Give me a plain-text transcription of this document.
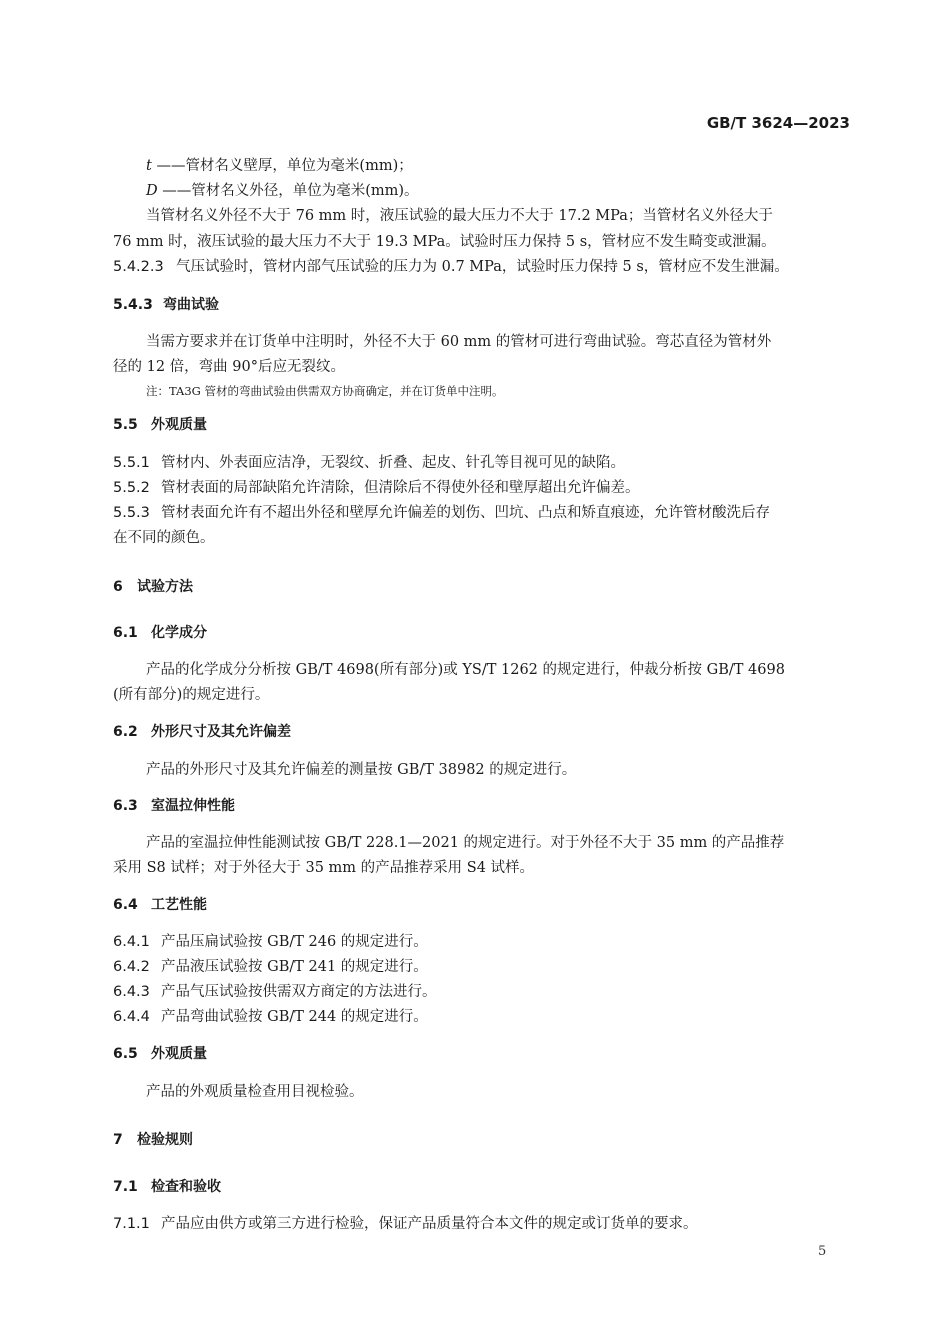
GB/T 3624—2023
t ——管材名义壁厚，单位为毫米(mm)；
D ——管材名义外径，单位为毫米(mm)。
当管材名义外径不大于 76 mm 时，液压试验的最大压力不大于 17.2 MPa；当管材名义外径大于
76 mm 时，液压试验的最大压力不大于 19.3 MPa。试验时压力保持 5 s，管材应不发生畸变或泄漏。
5.4.2.3 气压试验时，管材内部气压试验的压力为 0.7 MPa，试验时压力保持 5 s，管材应不发生泄漏。
5.4.3 弯曲试验
当需方要求并在订货单中注明时，外径不大于 60 mm 的管材可进行弯曲试验。弯芯直径为管材外
径的 12 倍，弯曲 90°后应无裂纹。
注：TA3G 管材的弯曲试验由供需双方协商确定，并在订货单中注明。
5.5 外观质量
5.5.1 管材内、外表面应洁净，无裂纹、折叠、起皮、针孔等目视可见的缺陷。
5.5.2 管材表面的局部缺陷允许清除，但清除后不得使外径和壁厚超出允许偏差。
5.5.3 管材表面允许有不超出外径和壁厚允许偏差的划伤、凹坑、凸点和矫直痕迹，允许管材酸洗后存
在不同的颜色。
6 试验方法
6.1 化学成分
产品的化学成分分析按 GB/T 4698(所有部分)或 YS/T 1262 的规定进行，仲裁分析按 GB/T 4698
(所有部分)的规定进行。
6.2 外形尺寸及其允许偏差
产品的外形尺寸及其允许偏差的测量按 GB/T 38982 的规定进行。
6.3 室温拉伸性能
产品的室温拉伸性能测试按 GB/T 228.1—2021 的规定进行。对于外径不大于 35 mm 的产品推荐
采用 S8 试样；对于外径大于 35 mm 的产品推荐采用 S4 试样。
6.4 工艺性能
6.4.1 产品压扁试验按 GB/T 246 的规定进行。
6.4.2 产品液压试验按 GB/T 241 的规定进行。
6.4.3 产品气压试验按供需双方商定的方法进行。
6.4.4 产品弯曲试验按 GB/T 244 的规定进行。
6.5 外观质量
产品的外观质量检查用目视检验。
7 检验规则
7.1 检查和验收
7.1.1 产品应由供方或第三方进行检验，保证产品质量符合本文件的规定或订货单的要求。
5
